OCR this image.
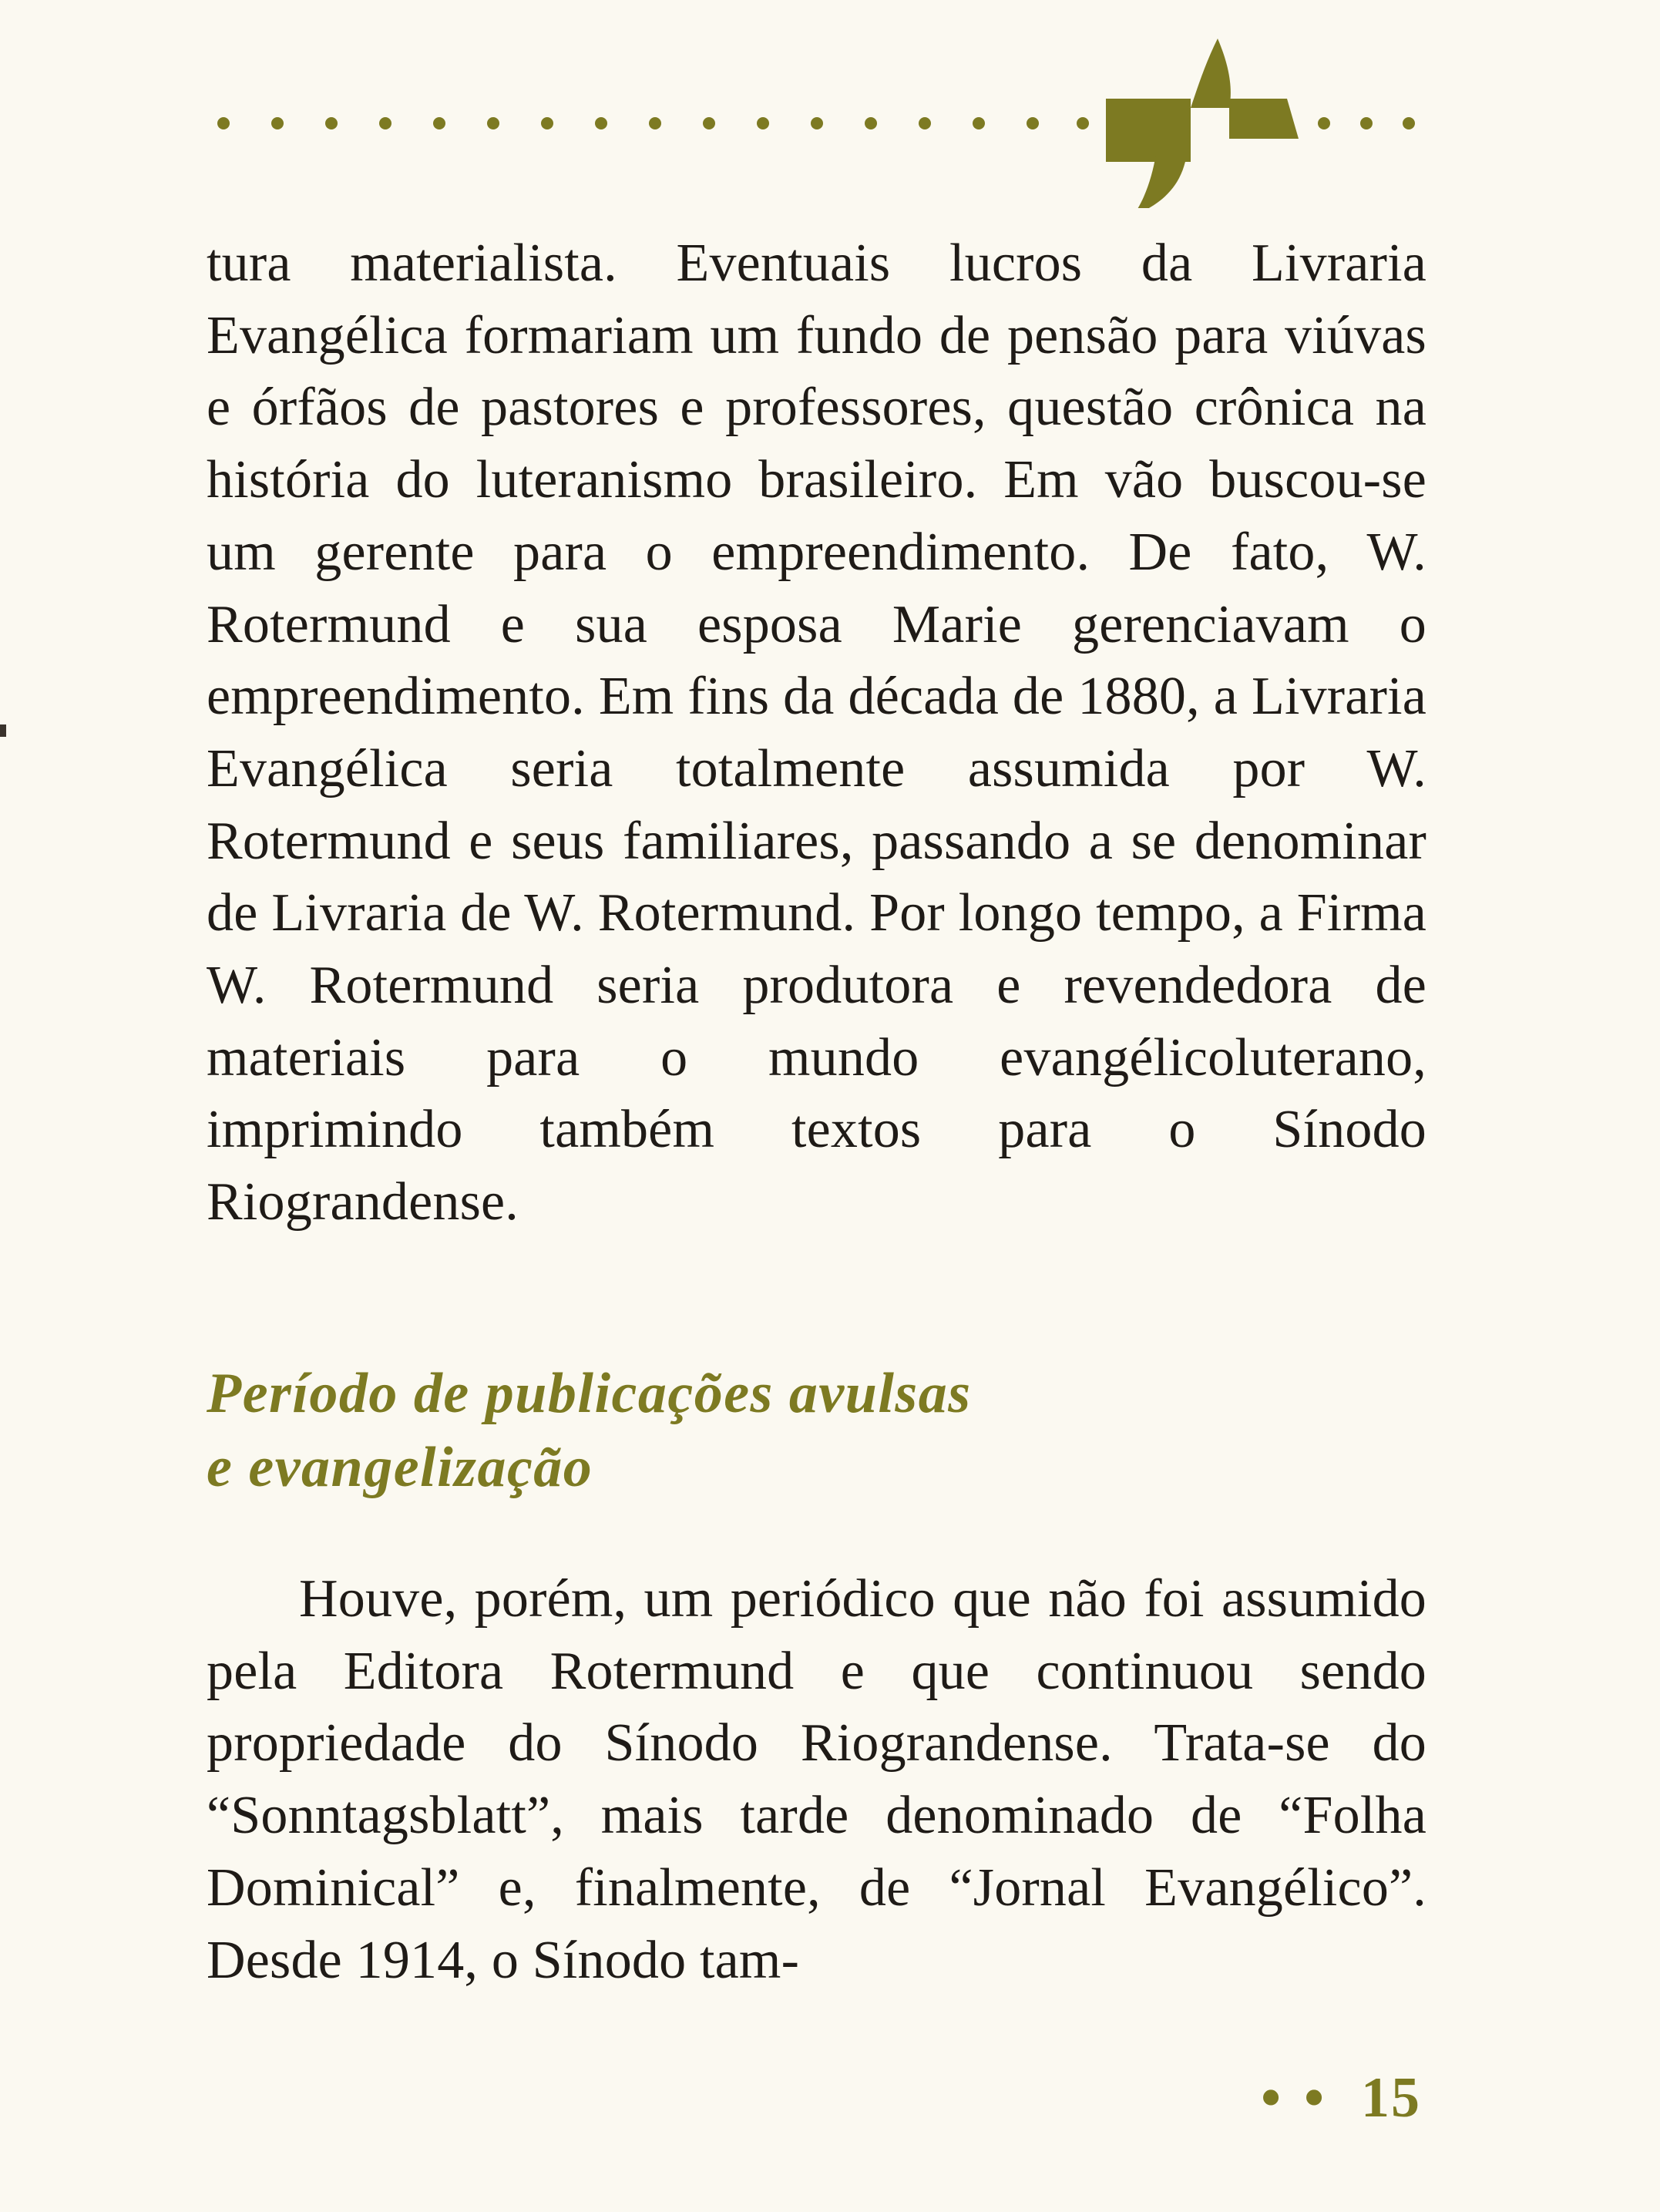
tura materialista. Eventuais lucros da Livraria Evangélica formariam um fundo de pensão para viúvas e órfãos de pastores e professores, questão crônica na história do luteranismo brasileiro. Em vão buscou-se um gerente para o empreendimento. De fato, W. Rotermund e sua esposa Marie gerenciavam o empreendimento. Em fins da década de 1880, a Livraria Evangélica seria totalmente assumida por W. Rotermund e seus familiares, passando a se denominar de Livraria de W. Rotermund. Por longo tempo, a Firma W. Rotermund seria produtora e revendedora de materiais para o mundo evangélicoluterano, imprimindo também textos para o Sínodo Riograndense.

Período de publicações avulsas
e evangelização

Houve, porém, um periódico que não foi assumido pela Editora Rotermund e que continuou sendo propriedade do Sínodo Riograndense. Trata-se do “Sonntagsblatt”, mais tarde denominado de “Folha Dominical” e, finalmente, de “Jornal Evangélico”. Desde 1914, o Sínodo tam-

•• 15
